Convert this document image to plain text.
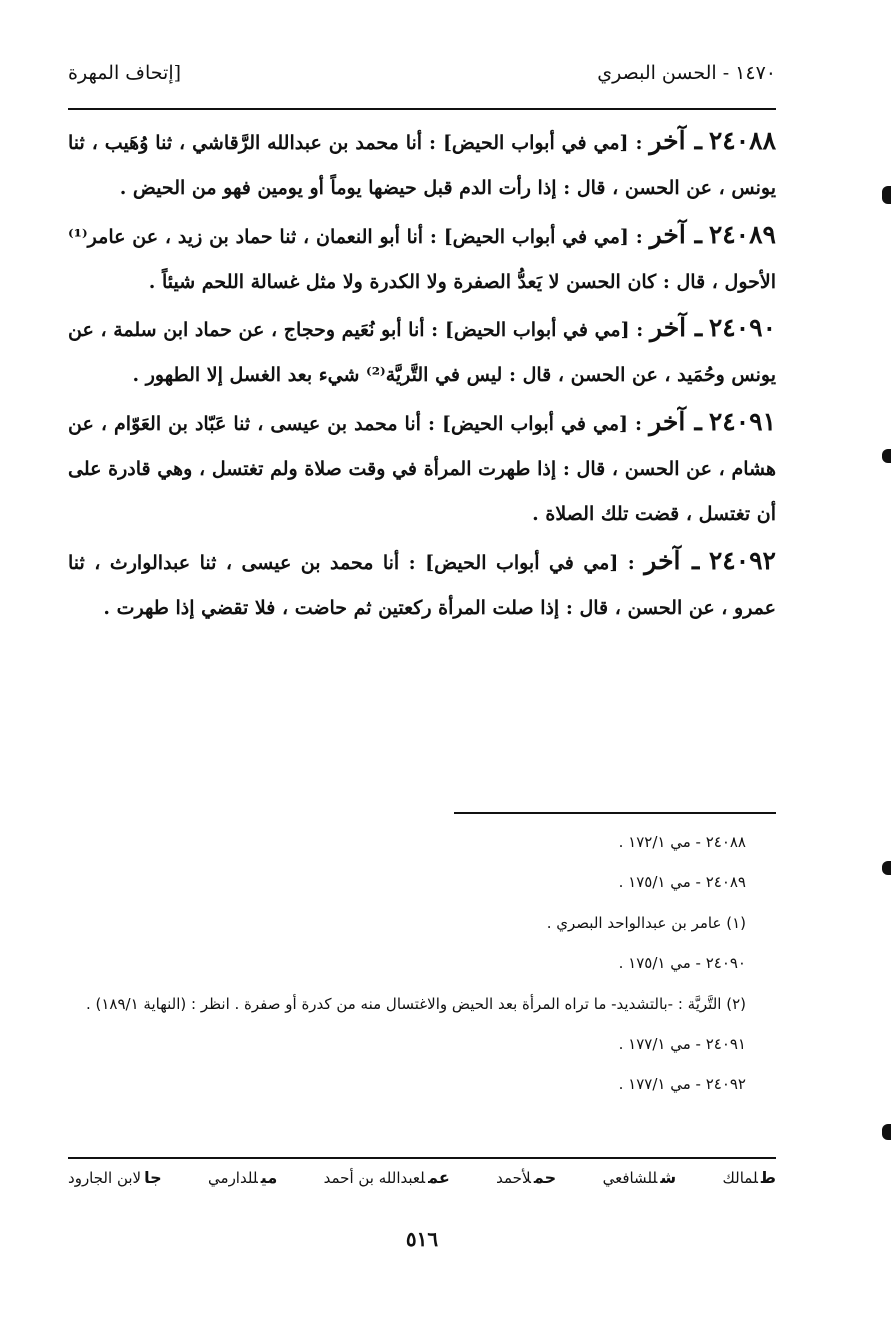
١٤٧٠ - الحسن البصري
[إتحاف المهرة
٢٤٠٨٨ ـ آخر : [مي في أبواب الحيض] : أنا محمد بن عبدالله الرَّقاشي ، ثنا وُهَيب ، ثنا يونس ، عن الحسن ، قال : إذا رأت الدم قبل حيضها يوماً أو يومين فهو من الحيض .
٢٤٠٨٩ ـ آخر : [مي في أبواب الحيض] : أنا أبو النعمان ، ثنا حماد بن زيد ، عن عامر⁽¹⁾ الأحول ، قال : كان الحسن لا يَعدُّ الصفرة ولا الكدرة ولا مثل غسالة اللحم شيئاً .
٢٤٠٩٠ ـ آخر : [مي في أبواب الحيض] : أنا أبو نُعَيم وحجاج ، عن حماد ابن سلمة ، عن يونس وحُمَيد ، عن الحسن ، قال : ليس في التَّريَّة⁽²⁾ شيء بعد الغسل إلا الطهور .
٢٤٠٩١ ـ آخر : [مي في أبواب الحيض] : أنا محمد بن عيسى ، ثنا عَبّاد بن العَوّام ، عن هشام ، عن الحسن ، قال : إذا طهرت المرأة في وقت صلاة ولم تغتسل ، وهي قادرة على أن تغتسل ، قضت تلك الصلاة .
٢٤٠٩٢ ـ آخر : [مي في أبواب الحيض] : أنا محمد بن عيسى ، ثنا عبدالوارث ، ثنا عمرو ، عن الحسن ، قال : إذا صلت المرأة ركعتين ثم حاضت ، فلا تقضي إذا طهرت .
٢٤٠٨٨ - مي ١٧٢/١ .
٢٤٠٨٩ - مي ١٧٥/١ .
(١) عامر بن عبدالواحد البصري .
٢٤٠٩٠ - مي ١٧٥/١ .
(٢) التَّريَّة : -بالتشديد- ما تراه المرأة بعد الحيض والاغتسال منه من كدرة أو صفرة . انظر : (النهاية ١٨٩/١) .
٢٤٠٩١ - مي ١٧٧/١ .
٢٤٠٩٢ - مي ١٧٧/١ .
طلمالك
شللشافعي
حملأحمد
عملعبدالله بن أحمد
ميللدارمي
جالابن الجارود
٥١٦
